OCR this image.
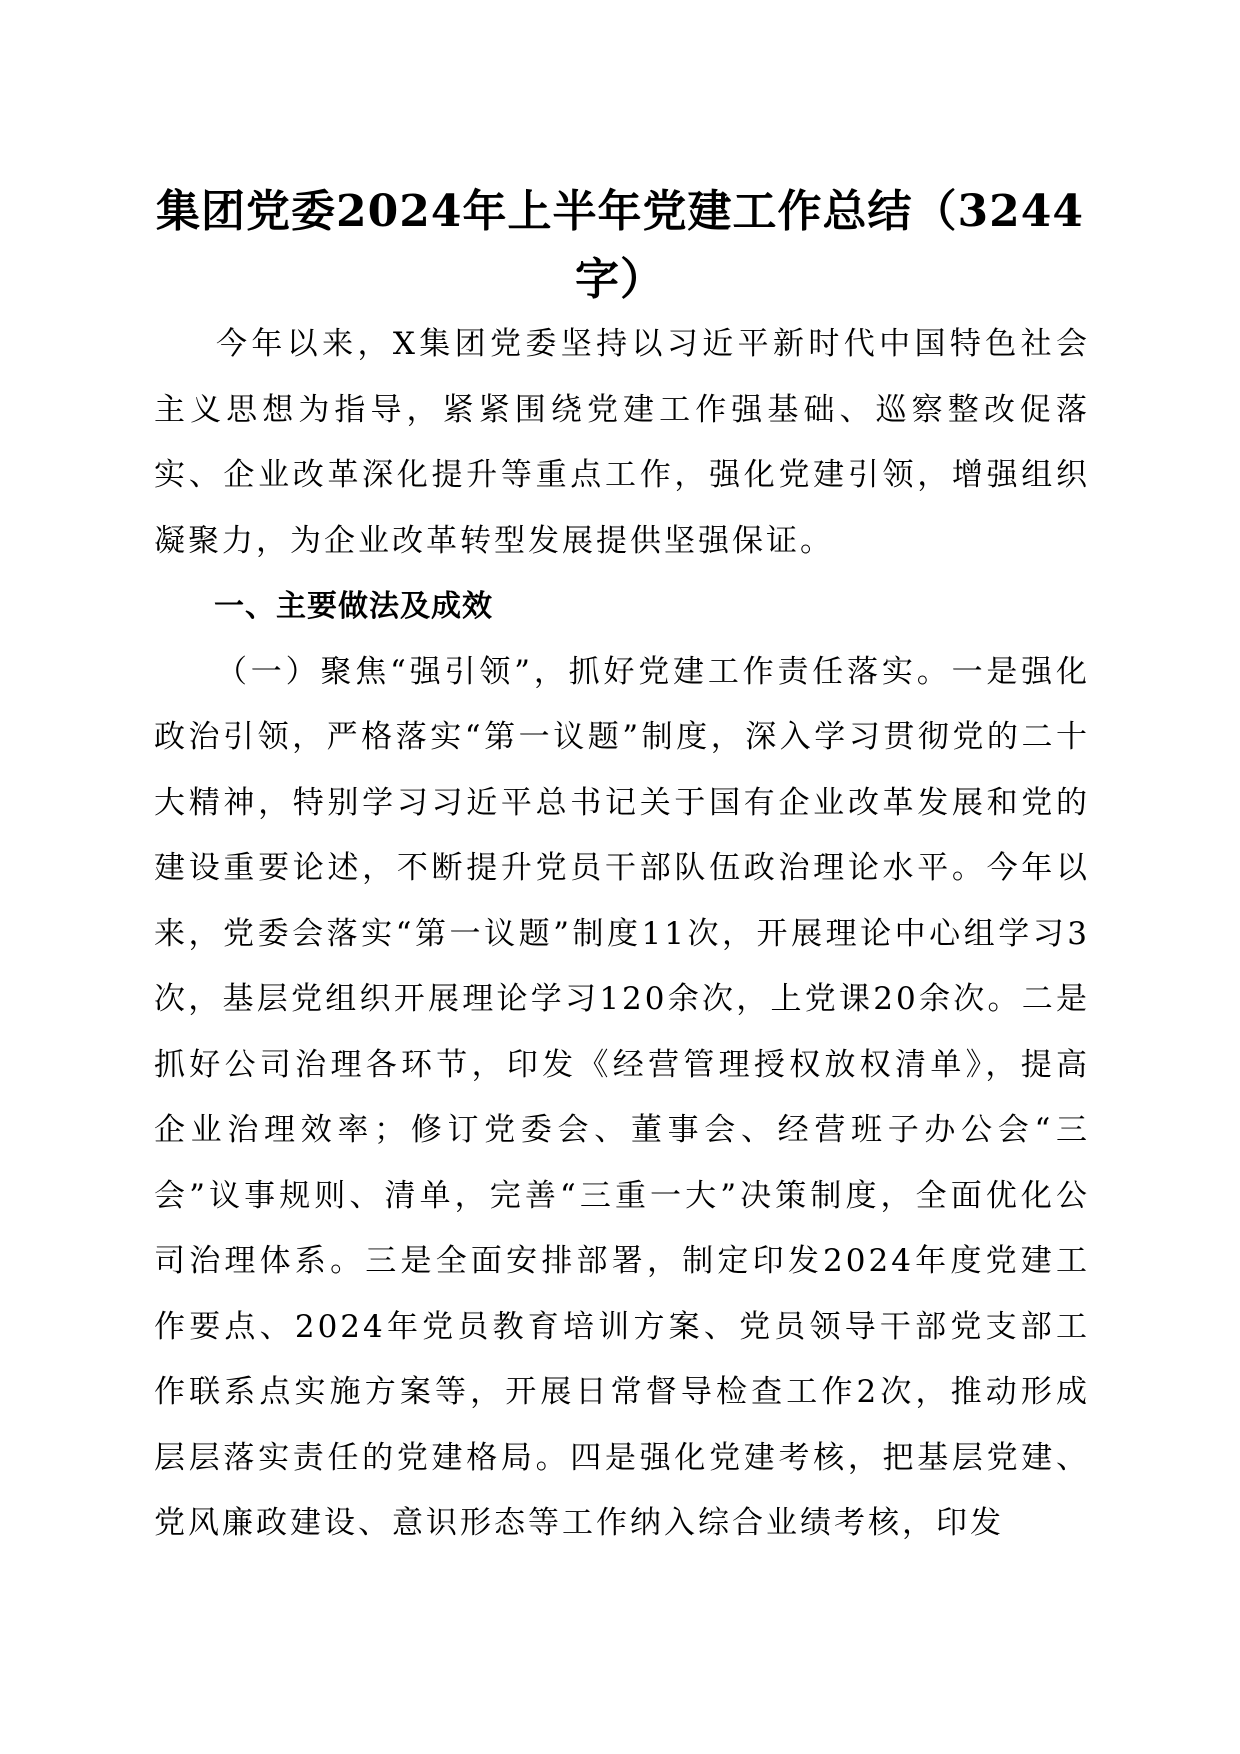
集团党委2024年上半年党建工作总结（3244字）

今年以来，X集团党委坚持以习近平新时代中国特色社会主义思想为指导，紧紧围绕党建工作强基础、巡察整改促落实、企业改革深化提升等重点工作，强化党建引领，增强组织凝聚力，为企业改革转型发展提供坚强保证。

一、主要做法及成效

（一）聚焦“强引领”，抓好党建工作责任落实。一是强化政治引领，严格落实“第一议题”制度，深入学习贯彻党的二十大精神，特别学习习近平总书记关于国有企业改革发展和党的建设重要论述，不断提升党员干部队伍政治理论水平。今年以来，党委会落实“第一议题”制度11次，开展理论中心组学习3次，基层党组织开展理论学习120余次，上党课20余次。二是抓好公司治理各环节，印发《经营管理授权放权清单》，提高企业治理效率；修订党委会、董事会、经营班子办公会“三会”议事规则、清单，完善“三重一大”决策制度，全面优化公司治理体系。三是全面安排部署，制定印发2024年度党建工作要点、2024年党员教育培训方案、党员领导干部党支部工作联系点实施方案等，开展日常督导检查工作2次，推动形成层层落实责任的党建格局。四是强化党建考核，把基层党建、党风廉政建设、意识形态等工作纳入综合业绩考核，印发
